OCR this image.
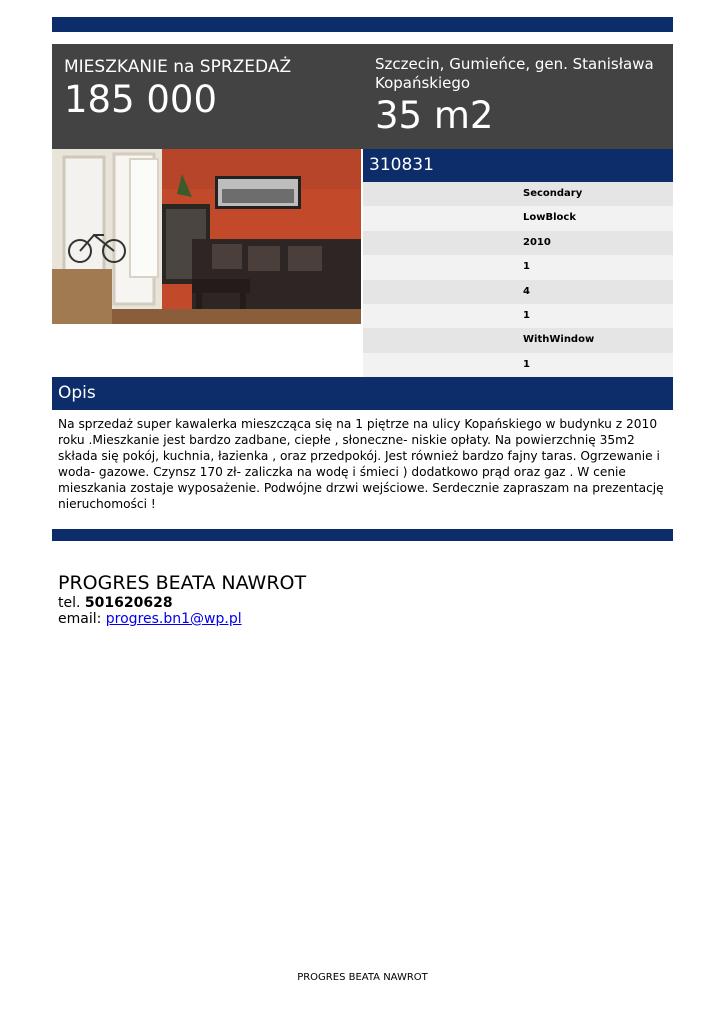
MIESZKANIE na SPRZEDAŻ
185 000
Szczecin, Gumieńce, gen. Stanisława Kopańskiego
35 m2
310831
Secondary
LowBlock
2010
1
4
1
WithWindow
1
Opis
Na sprzedaż super kawalerka mieszcząca się na 1 piętrze na ulicy Kopańskiego w budynku z 2010 roku .Mieszkanie jest bardzo zadbane, ciepłe , słoneczne- niskie opłaty. Na powierzchnię 35m2 składa się pokój, kuchnia, łazienka , oraz przedpokój. Jest również bardzo fajny taras. Ogrzewanie i woda- gazowe. Czynsz 170 zł- zaliczka na wodę i śmieci ) dodatkowo prąd oraz gaz . W cenie mieszkania zostaje wyposażenie. Podwójne drzwi wejściowe. Serdecznie zapraszam na prezentację nieruchomości !
PROGRES BEATA NAWROT
tel. 501620628
email: progres.bn1@wp.pl
PROGRES BEATA NAWROT
